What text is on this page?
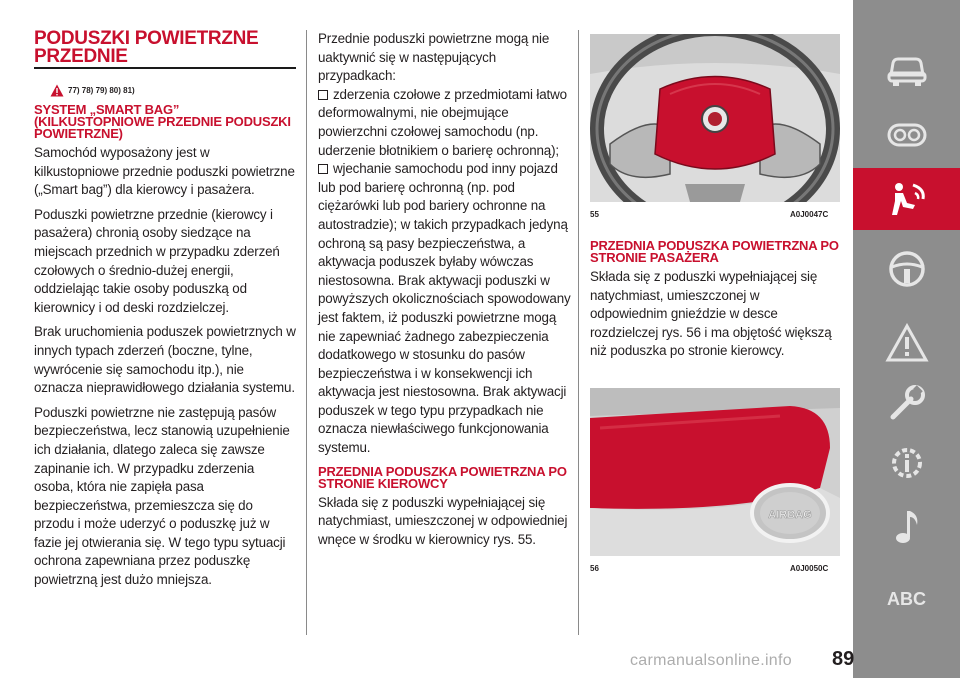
PODUSZKI POWIETRZNE PRZEDNIE
77) 78) 79) 80) 81)
SYSTEM „SMART BAG” (KILKUSTOPNIOWE PRZEDNIE PODUSZKI POWIETRZNE)

Samochód wyposażony jest w kilkustopniowe przednie poduszki powietrzne („Smart bag”) dla kierowcy i pasażera.

Poduszki powietrzne przednie (kierowcy i pasażera) chronią osoby siedzące na miejscach przednich w przypadku zderzeń czołowych o średnio-dużej energii, oddzielając takie osoby poduszką od kierownicy i od deski rozdzielczej.

Brak uruchomienia poduszek powietrznych w innych typach zderzeń (boczne, tylne, wywrócenie się samochodu itp.), nie oznacza nieprawidłowego działania systemu.

Poduszki powietrzne nie zastępują pasów bezpieczeństwa, lecz stanowią uzupełnienie ich działania, dlatego zaleca się zawsze zapinanie ich. W przypadku zderzenia osoba, która nie zapięła pasa bezpieczeństwa, przemieszcza się do przodu i może uderzyć o poduszkę już w fazie jej otwierania się. W tego typu sytuacji ochrona zapewniana przez poduszkę powietrzną jest dużo mniejsza.

Przednie poduszki powietrzne mogą nie uaktywnić się w następujących przypadkach:

zderzenia czołowe z przedmiotami łatwo deformowalnymi, nie obejmujące powierzchni czołowej samochodu (np. uderzenie błotnikiem o barierę ochronną);

wjechanie samochodu pod inny pojazd lub pod barierę ochronną (np. pod ciężarówki lub pod bariery ochronne na autostradzie); w takich przypadkach jedyną ochroną są pasy bezpieczeństwa, a aktywacja poduszek byłaby wówczas niestosowna. Brak aktywacji poduszki w powyższych okolicznościach spowodowany jest faktem, iż poduszki powietrzne mogą nie zapewniać żadnego zabezpieczenia dodatkowego w stosunku do pasów bezpieczeństwa i w konsekwencji ich aktywacja jest niestosowna. Brak aktywacji poduszek w tego typu przypadkach nie oznacza niewłaściwego funkcjonowania systemu.

PRZEDNIA PODUSZKA POWIETRZNA PO STRONIE KIEROWCY

Składa się z poduszki wypełniającej się natychmiast, umieszczonej w odpowiedniej wnęce w środku w kierownicy rys. 55.

55	A0J0047C
PRZEDNIA PODUSZKA POWIETRZNA PO STRONIE PASAŻERA

Składa się z poduszki wypełniającej się natychmiast, umieszczonej w odpowiednim gnieździe w desce rozdzielczej rys. 56 i ma objętość większą niż poduszka po stronie kierowcy.

AIRBAG
56	A0J0050C
ABC
carmanualsonline.info 89
